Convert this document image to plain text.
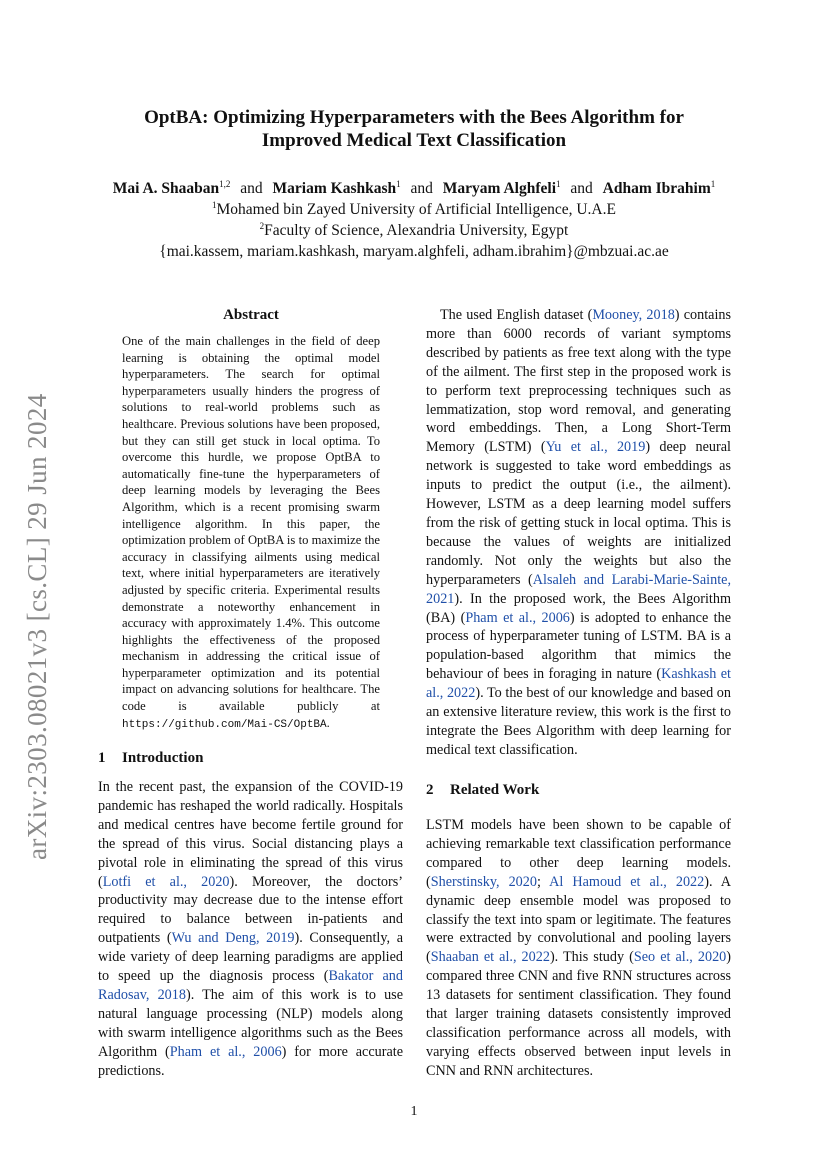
arXiv:2303.08021v3 [cs.CL] 29 Jun 2024
OptBA: Optimizing Hyperparameters with the Bees Algorithm for
Improved Medical Text Classification
Mai A. Shaaban$^{1,2}$ and Mariam Kashkash$^1$ and Maryam Alghfeli$^1$ and Adham Ibrahim$^1$
$^1$Mohamed bin Zayed University of Artificial Intelligence, U.A.E
$^2$Faculty of Science, Alexandria University, Egypt
{mai.kassem, mariam.kashkash, maryam.alghfeli, adham.ibrahim}@mbzuai.ac.ae
Abstract
One of the main challenges in the field of deep learning is obtaining the optimal model hyperparameters. The search for optimal hyperparameters usually hinders the progress of solutions to real-world problems such as healthcare. Previous solutions have been proposed, but they can still get stuck in local optima. To overcome this hurdle, we propose OptBA to automatically fine-tune the hyperparameters of deep learning models by leveraging the Bees Algorithm, which is a recent promising swarm intelligence algorithm. In this paper, the optimization problem of OptBA is to maximize the accuracy in classifying ailments using medical text, where initial hyperparameters are iteratively adjusted by specific criteria. Experimental results demonstrate a noteworthy enhancement in accuracy with approximately 1.4%. This outcome highlights the effectiveness of the proposed mechanism in addressing the critical issue of hyperparameter optimization and its potential impact on advancing solutions for healthcare. The code is available publicly at https://github.com/Mai-CS/OptBA.
1 Introduction

In the recent past, the expansion of the COVID-19 pandemic has reshaped the world radically. Hospitals and medical centres have become fertile ground for the spread of this virus. Social distancing plays a pivotal role in eliminating the spread of this virus (Lotfi et al., 2020). Moreover, the doctors’ productivity may decrease due to the intense effort required to balance between in-patients and outpatients (Wu and Deng, 2019). Consequently, a wide variety of deep learning paradigms are applied to speed up the diagnosis process (Bakator and Radosav, 2018). The aim of this work is to use natural language processing (NLP) models along with swarm intelligence algorithms such as the Bees Algorithm (Pham et al., 2006) for more accurate predictions.

The used English dataset (Mooney, 2018) contains more than 6000 records of variant symptoms described by patients as free text along with the type of the ailment. The first step in the proposed work is to perform text preprocessing techniques such as lemmatization, stop word removal, and generating word embeddings. Then, a Long Short-Term Memory (LSTM) (Yu et al., 2019) deep neural network is suggested to take word embeddings as inputs to predict the output (i.e., the ailment). However, LSTM as a deep learning model suffers from the risk of getting stuck in local optima. This is because the values of weights are initialized randomly. Not only the weights but also the hyperparameters (Alsaleh and Larabi-Marie-Sainte, 2021). In the proposed work, the Bees Algorithm (BA) (Pham et al., 2006) is adopted to enhance the process of hyperparameter tuning of LSTM. BA is a population-based algorithm that mimics the behaviour of bees in foraging in nature (Kashkash et al., 2022). To the best of our knowledge and based on an extensive literature review, this work is the first to integrate the Bees Algorithm with deep learning for medical text classification.

2 Related Work

LSTM models have been shown to be capable of achieving remarkable text classification performance compared to other deep learning models. (Sherstinsky, 2020; Al Hamoud et al., 2022). A dynamic deep ensemble model was proposed to classify the text into spam or legitimate. The features were extracted by convolutional and pooling layers (Shaaban et al., 2022). This study (Seo et al., 2020) compared three CNN and five RNN structures across 13 datasets for sentiment classification. They found that larger training datasets consistently improved classification performance across all models, with varying effects observed between input levels in CNN and RNN architectures.

1
